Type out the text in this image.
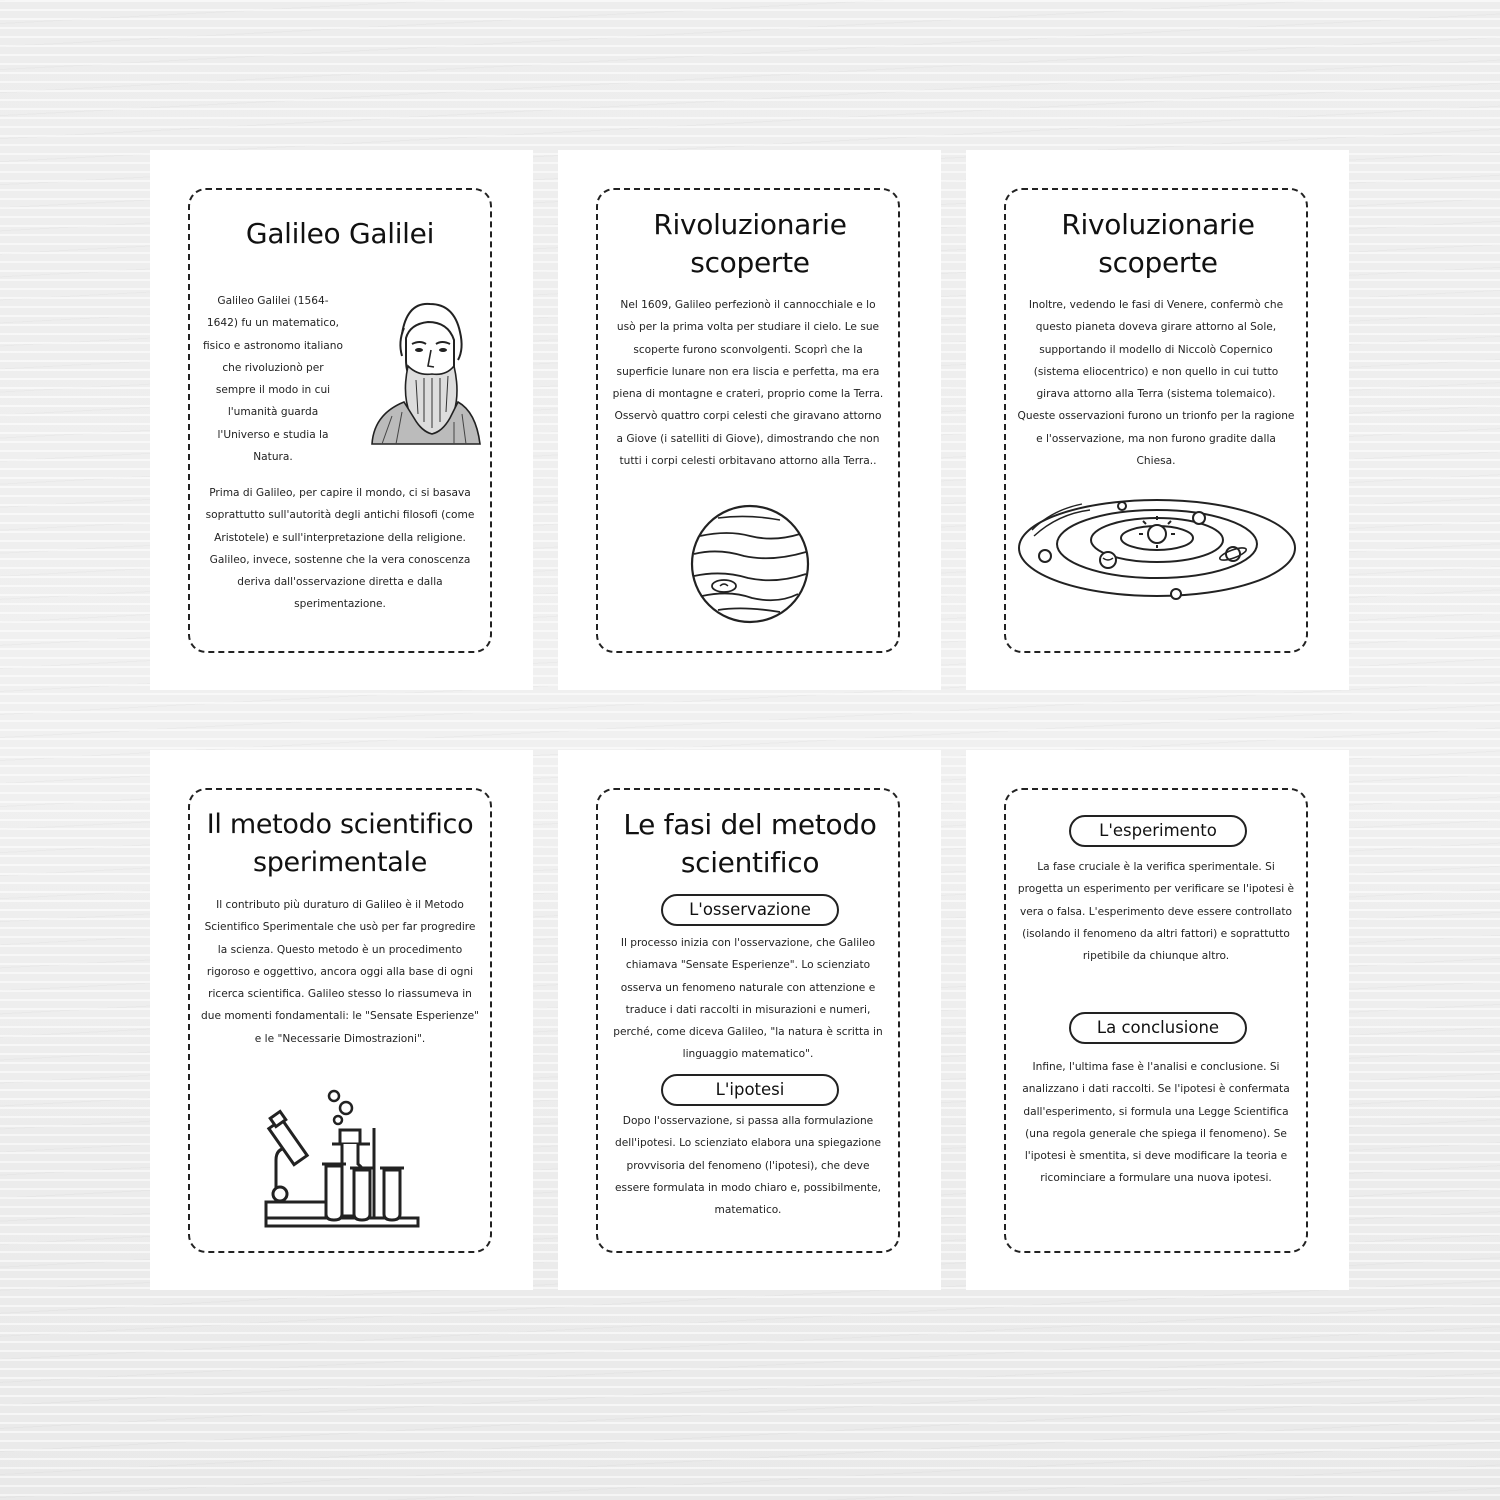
Galileo Galilei

Galileo Galilei (1564-1642) fu un matematico, fisico e astronomo italiano che rivoluzionò per sempre il modo in cui l'umanità guarda l'Universo e studia la Natura.

Prima di Galileo, per capire il mondo, ci si basava soprattutto sull'autorità degli antichi filosofi (come Aristotele) e sull'interpretazione della religione. Galileo, invece, sostenne che la vera conoscenza deriva dall'osservazione diretta e dalla sperimentazione.

Rivoluzionarie scoperte

Nel 1609, Galileo perfezionò il cannocchiale e lo usò per la prima volta per studiare il cielo. Le sue scoperte furono sconvolgenti. Scoprì che la superficie lunare non era liscia e perfetta, ma era piena di montagne e crateri, proprio come la Terra. Osservò quattro corpi celesti che giravano attorno a Giove (i satelliti di Giove), dimostrando che non tutti i corpi celesti orbitavano attorno alla Terra..

Rivoluzionarie scoperte

Inoltre, vedendo le fasi di Venere, confermò che questo pianeta doveva girare attorno al Sole, supportando il modello di Niccolò Copernico (sistema eliocentrico) e non quello in cui tutto girava attorno alla Terra (sistema tolemaico). Queste osservazioni furono un trionfo per la ragione e l'osservazione, ma non furono gradite dalla Chiesa.

Il metodo scientifico sperimentale

Il contributo più duraturo di Galileo è il Metodo Scientifico Sperimentale che usò per far progredire la scienza. Questo metodo è un procedimento rigoroso e oggettivo, ancora oggi alla base di ogni ricerca scientifica. Galileo stesso lo riassumeva in due momenti fondamentali: le "Sensate Esperienze" e le "Necessarie Dimostrazioni".

Le fasi del metodo scientifico
L'osservazione

Il processo inizia con l'osservazione, che Galileo chiamava "Sensate Esperienze". Lo scienziato osserva un fenomeno naturale con attenzione e traduce i dati raccolti in misurazioni e numeri, perché, come diceva Galileo, "la natura è scritta in linguaggio matematico".

L'ipotesi

Dopo l'osservazione, si passa alla formulazione dell'ipotesi. Lo scienziato elabora una spiegazione provvisoria del fenomeno (l'ipotesi), che deve essere formulata in modo chiaro e, possibilmente, matematico.

L'esperimento

La fase cruciale è la verifica sperimentale. Si progetta un esperimento per verificare se l'ipotesi è vera o falsa. L'esperimento deve essere controllato (isolando il fenomeno da altri fattori) e soprattutto ripetibile da chiunque altro.

La conclusione

Infine, l'ultima fase è l'analisi e conclusione. Si analizzano i dati raccolti. Se l'ipotesi è confermata dall'esperimento, si formula una Legge Scientifica (una regola generale che spiega il fenomeno). Se l'ipotesi è smentita, si deve modificare la teoria e ricominciare a formulare una nuova ipotesi.
